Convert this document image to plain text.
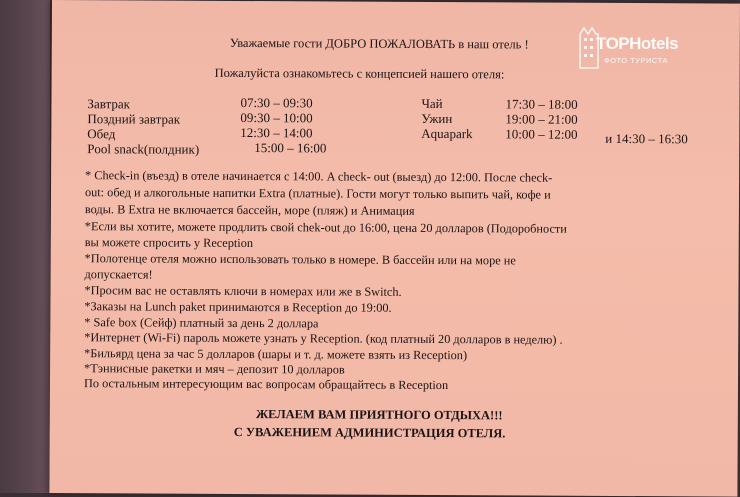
Уважаемые гости ДОБРО ПОЖАЛОВАТЬ в наш отель !
Пожалуйста ознакомьтесь с концепсией нашего отеля:
Завтрак	07:30 – 09:30
Поздний завтрак	09:30 – 10:00
Обед	12:30 – 14:00
Pool snack(полдник)	15:00 – 16:00
Чай	17:30 – 18:00
Ужин	19:00 – 21:00
Aquapark	10:00 – 12:00 и 14:30 – 16:30
* Check-in (въезд) в отеле начинается с 14:00. A check- out (выезд) до 12:00. После check-
out: обед и алкогольные напитки Extra (платные). Гости могут только выпить чай, кофе и
воды. В Extra не включается бассейн, море (пляж) и Анимация
*Если вы хотите, можете продлить свой chek-out до 16:00, цена 20 долларов (Подоробности
вы можете спросить у Reception
*Полотенце отеля можно использовать только в номере. В бассейн или на море не
допускается!
*Просим вас не оставлять ключи в номерах или же в Switch.
*Заказы на Lunch paket принимаются в Reception до 19:00.
* Safe box (Сейф) платный за день 2 доллара
*Интернет (Wi-Fi) пароль можете узнать у Reception. (код платный 20 долларов в неделю) .
*Бильярд цена за час 5 долларов (шары и т. д. можете взять из Reception)
*Тэннисные ракетки и мяч – депозит 10 долларов
По остальным интересующим вас вопросам обращайтесь в Reception
ЖЕЛАЕМ ВАМ ПРИЯТНОГО ОТДЫХА!!!
С УВАЖЕНИЕМ АДМИНИСТРАЦИЯ ОТЕЛЯ.
TOPHotels
ФОТО ТУРИСТА
